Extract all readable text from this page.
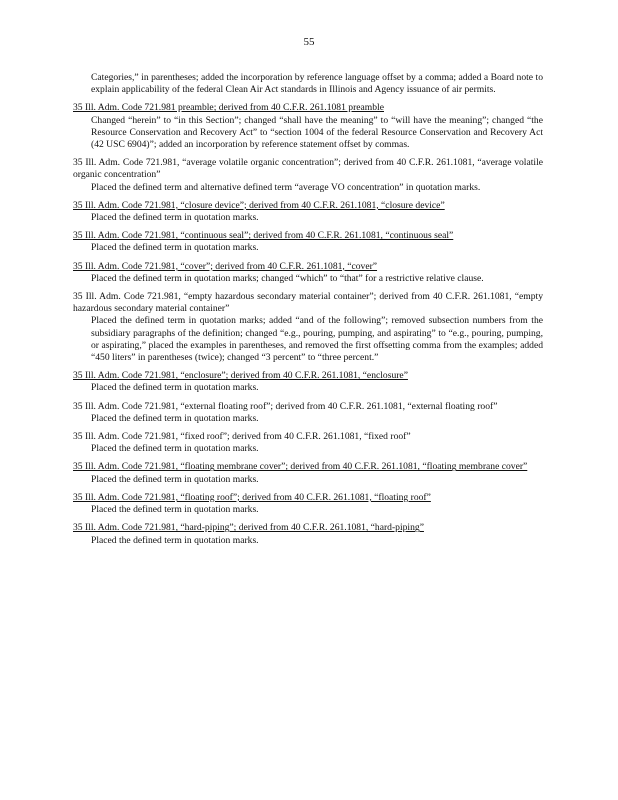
55
Categories,” in parentheses; added the incorporation by reference language offset by a comma; added a Board note to explain applicability of the federal Clean Air Act standards in Illinois and Agency issuance of air permits.
35 Ill. Adm. Code 721.981 preamble; derived from 40 C.F.R. 261.1081 preamble
Changed “herein” to “in this Section”; changed “shall have the meaning” to “will have the meaning”; changed “the Resource Conservation and Recovery Act” to “section 1004 of the federal Resource Conservation and Recovery Act (42 USC 6904)”; added an incorporation by reference statement offset by commas.
35 Ill. Adm. Code 721.981, “average volatile organic concentration”; derived from 40 C.F.R. 261.1081, “average volatile organic concentration”
Placed the defined term and alternative defined term “average VO concentration” in quotation marks.
35 Ill. Adm. Code 721.981, “closure device”; derived from 40 C.F.R. 261.1081, “closure device”
Placed the defined term in quotation marks.
35 Ill. Adm. Code 721.981, “continuous seal”; derived from 40 C.F.R. 261.1081, “continuous seal”
Placed the defined term in quotation marks.
35 Ill. Adm. Code 721.981, “cover”; derived from 40 C.F.R. 261.1081, “cover”
Placed the defined term in quotation marks; changed “which” to “that” for a restrictive relative clause.
35 Ill. Adm. Code 721.981, “empty hazardous secondary material container”; derived from 40 C.F.R. 261.1081, “empty hazardous secondary material container”
Placed the defined term in quotation marks; added “and of the following”; removed subsection numbers from the subsidiary paragraphs of the definition; changed “e.g., pouring, pumping, and aspirating” to “e.g., pouring, pumping, or aspirating,” placed the examples in parentheses, and removed the first offsetting comma from the examples; added “450 liters” in parentheses (twice); changed “3 percent” to “three percent.”
35 Ill. Adm. Code 721.981, “enclosure”; derived from 40 C.F.R. 261.1081, “enclosure”
Placed the defined term in quotation marks.
35 Ill. Adm. Code 721.981, “external floating roof”; derived from 40 C.F.R. 261.1081, “external floating roof”
Placed the defined term in quotation marks.
35 Ill. Adm. Code 721.981, “fixed roof”; derived from 40 C.F.R. 261.1081, “fixed roof”
Placed the defined term in quotation marks.
35 Ill. Adm. Code 721.981, “floating membrane cover”; derived from 40 C.F.R. 261.1081, “floating membrane cover”
Placed the defined term in quotation marks.
35 Ill. Adm. Code 721.981, “floating roof”; derived from 40 C.F.R. 261.1081, “floating roof”
Placed the defined term in quotation marks.
35 Ill. Adm. Code 721.981, “hard-piping”; derived from 40 C.F.R. 261.1081, “hard-piping”
Placed the defined term in quotation marks.
